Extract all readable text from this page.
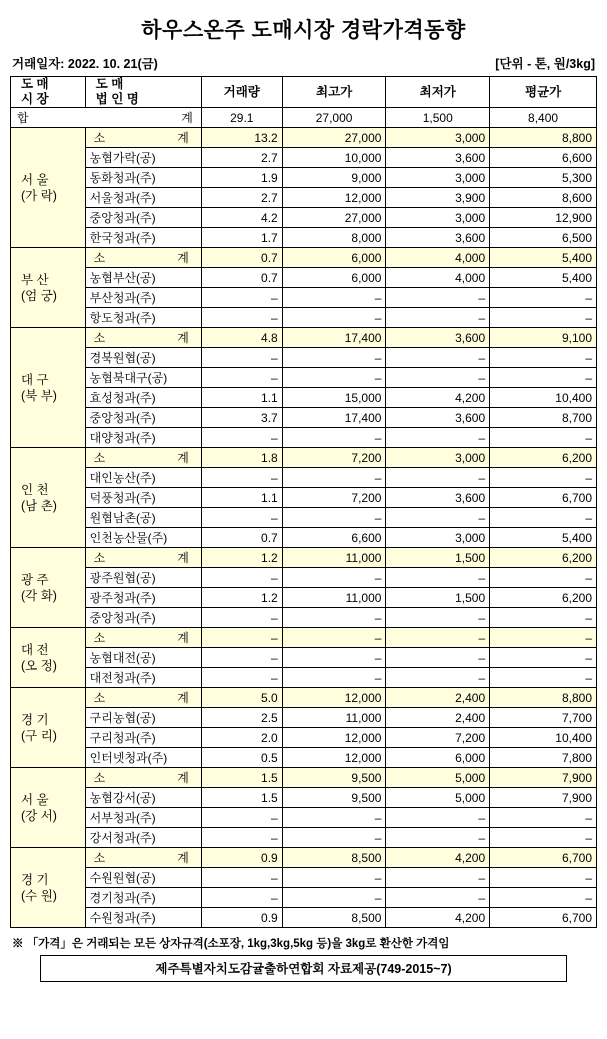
하우스온주 도매시장 경락가격동향
거래일자: 2022. 10. 21(금)	[단위 - 톤, 원/3kg]
도 매
시 장

도 매
법 인 명
	거래량	최고가	최저가	평균가

합 계		29.1	27,000	1,500	8,400

서 울
(가 락)

소	계	13.2	27,000	3,000	8,800
	농협가락(공)	2.7	10,000	3,600	6,600
	동화청과(주)	1.9	9,000	3,000	5,300
	서울청과(주)	2.7	12,000	3,900	8,600
	중앙청과(주)	4.2	27,000	3,000	12,900
	한국청과(주)	1.7	8,000	3,600	6,500

부 산
(엄 궁)

소	계	0.7	6,000	4,000	5,400
	농협부산(공)	0.7	6,000	4,000	5,400
	부산청과(주)	–	–	–	–
	항도청과(주)	–	–	–	–

대 구
(북 부)

소	계	4.8	17,400	3,600	9,100
	경북원협(공)	–	–	–	–
	농협북대구(공)	–	–	–	–
	효성청과(주)	1.1	15,000	4,200	10,400
	중앙청과(주)	3.7	17,400	3,600	8,700
	대양청과(주)	–	–	–	–

인 천
(남 촌)

소	계	1.8	7,200	3,000	6,200
	대인농산(주)	–	–	–	–
	덕풍청과(주)	1.1	7,200	3,600	6,700
	원협남촌(공)	–	–	–	–
	인천농산물(주)	0.7	6,600	3,000	5,400

광 주
(각 화)

소	계	1.2	11,000	1,500	6,200
	광주원협(공)	–	–	–	–
	광주청과(주)	1.2	11,000	1,500	6,200
	중앙청과(주)	–	–	–	–

대 전
(오 정)

소	계	–	–	–	–
	농협대전(공)	–	–	–	–
	대전청과(주)	–	–	–	–

경 기
(구 리)

소	계	5.0	12,000	2,400	8,800
	구리농협(공)	2.5	11,000	2,400	7,700
	구리청과(주)	2.0	12,000	7,200	10,400
	인터넷청과(주)	0.5	12,000	6,000	7,800

서 울
(강 서)

소	계	1.5	9,500	5,000	7,900
	농협강서(공)	1.5	9,500	5,000	7,900
	서부청과(주)	–	–	–	–
	강서청과(주)	–	–	–	–

경 기
(수 원)

소	계	0.9	8,500	4,200	6,700
	수원원협(공)	–	–	–	–
	경기청과(주)	–	–	–	–
	수원청과(주)	0.9	8,500	4,200	6,700
※ 「가격」은 거래되는 모든 상자규격(소포장, 1kg,3kg,5kg 등)을 3kg로 환산한 가격임
제주특별자치도감귤출하연합회 자료제공(749-2015~7)
